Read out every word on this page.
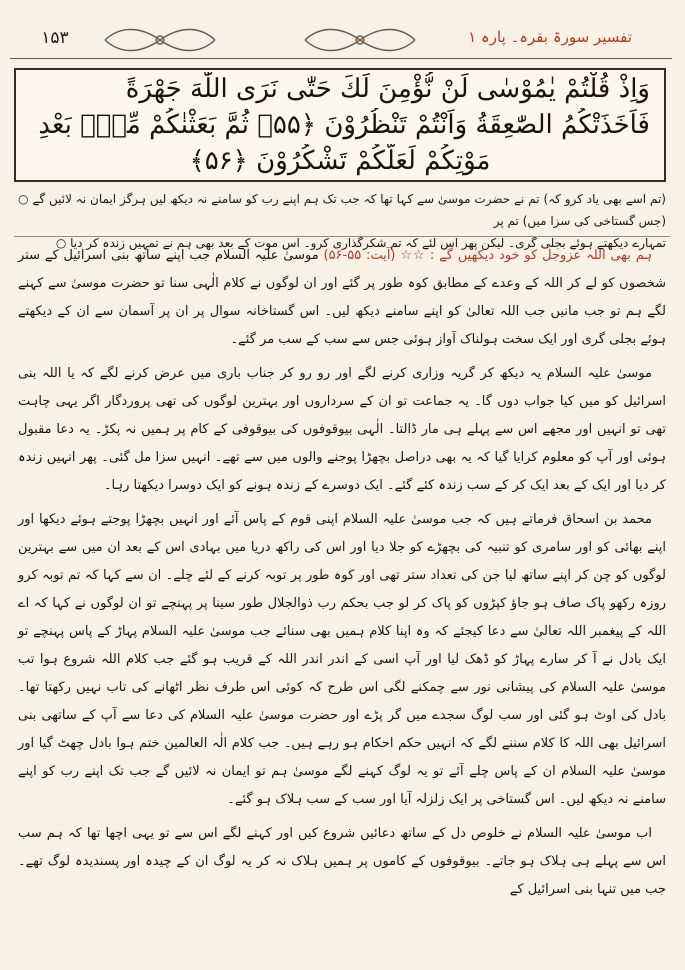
۱۵۳	تفسیر سورۃ بقرہ۔ پارہ ۱
وَاِذْ قُلْتُمْ يٰمُوْسٰى لَنْ نُّؤْمِنَ لَكَ حَتّٰى نَرَى اللّٰهَ جَهْرَةً
فَاَخَذَتْكُمُ الصّٰعِقَةُ وَاَنْتُمْ تَنْظُرُوْنَ ﴿۵۵﴾ ثُمَّ بَعَثْنٰكُمْ مِّنْۢ بَعْدِ
مَوْتِكُمْ لَعَلَّكُمْ تَشْكُرُوْنَ ﴿۵۶﴾

(تم اسے بھی یاد کرو کہ) تم نے حضرت موسیٰ سے کہا تھا کہ جب تک ہم اپنے رب کو سامنے نہ دیکھ لیں ہرگز ایمان نہ لائیں گے ○ (جس گستاخی کی سزا میں) تم پر

تمہارے دیکھتے ہوئے بجلی گری۔ لیکن پھر اس لئے کہ تم شکرگذاری کرو۔ اس موت کے بعد بھی ہم نے تمہیں زندہ کر دیا ○

ہم بھی اللہ عزوجل کو خود دیکھیں گے : ☆☆ (آیت: ۵۵-۵۶) موسیٰ علیہ السلام جب اپنے ساتھ بنی اسرائیل کے ستر شخصوں کو لے کر اللہ کے وعدے کے مطابق کوہ طور پر گئے اور ان لوگوں نے کلام الٰہی سنا تو حضرت موسیٰ سے کہنے لگے ہم تو جب مانیں جب اللہ تعالیٰ کو اپنے سامنے دیکھ لیں۔ اس گستاخانہ سوال پر ان پر آسمان سے ان کے دیکھتے ہوئے بجلی گری اور ایک سخت ہولناک آواز ہوئی جس سے سب کے سب مر گئے۔

موسیٰ علیہ السلام یہ دیکھ کر گریہ وزاری کرنے لگے اور رو رو کر جناب باری میں عرض کرنے لگے کہ یا اللہ بنی اسرائیل کو میں کیا جواب دوں گا۔ یہ جماعت تو ان کے سرداروں اور بہترین لوگوں کی تھی پروردگار اگر یہی چاہت تھی تو انہیں اور مجھے اس سے پہلے ہی مار ڈالتا۔ الٰہی بیوقوفوں کی بیوقوفی کے کام پر ہمیں نہ پکڑ۔ یہ دعا مقبول ہوئی اور آپ کو معلوم کرایا گیا کہ یہ بھی دراصل بچھڑا پوجنے والوں میں سے تھے۔ انہیں سزا مل گئی۔ پھر انہیں زندہ کر دیا اور ایک کے بعد ایک کر کے سب زندہ کئے گئے۔ ایک دوسرے کے زندہ ہونے کو ایک دوسرا دیکھتا رہا۔

محمد بن اسحاق فرماتے ہیں کہ جب موسیٰ علیہ السلام اپنی قوم کے پاس آئے اور انہیں بچھڑا پوجتے ہوئے دیکھا اور اپنے بھائی کو اور سامری کو تنبیہ کی بچھڑے کو جلا دیا اور اس کی راکھ دریا میں بہادی اس کے بعد ان میں سے بہترین لوگوں کو چن کر اپنے ساتھ لیا جن کی تعداد ستر تھی اور کوہ طور پر توبہ کرنے کے لئے چلے۔ ان سے کہا کہ تم توبہ کرو روزہ رکھو پاک صاف ہو جاؤ کپڑوں کو پاک کر لو جب بحکم رب ذوالجلال طور سینا پر پہنچے تو ان لوگوں نے کہا کہ اے اللہ کے پیغمبر اللہ تعالیٰ سے دعا کیجئے کہ وہ اپنا کلام ہمیں بھی سنائے جب موسیٰ علیہ السلام پہاڑ کے پاس پہنچے تو ایک بادل نے آ کر سارے پہاڑ کو ڈھک لیا اور آپ اسی کے اندر اندر اللہ کے قریب ہو گئے جب کلام اللہ شروع ہوا تب موسیٰ علیہ السلام کی پیشانی نور سے چمکنے لگی اس طرح کہ کوئی اس طرف نظر اٹھانے کی تاب نہیں رکھتا تھا۔ بادل کی اوٹ ہو گئی اور سب لوگ سجدے میں گر پڑے اور حضرت موسیٰ علیہ السلام کی دعا سے آپ کے ساتھی بنی اسرائیل بھی اللہ کا کلام سننے لگے کہ انہیں حکم احکام ہو رہے ہیں۔ جب کلام الٰہ العالمین ختم ہوا بادل چھٹ گیا اور موسیٰ علیہ السلام ان کے پاس چلے آئے تو یہ لوگ کہنے لگے موسیٰ ہم تو ایمان نہ لائیں گے جب تک اپنے رب کو اپنے سامنے نہ دیکھ لیں۔ اس گستاخی پر ایک زلزلہ آیا اور سب کے سب ہلاک ہو گئے۔

اب موسیٰ علیہ السلام نے خلوص دل کے ساتھ دعائیں شروع کیں اور کہنے لگے اس سے تو یہی اچھا تھا کہ ہم سب اس سے پہلے ہی ہلاک ہو جاتے۔ بیوقوفوں کے کاموں پر ہمیں ہلاک نہ کر یہ لوگ ان کے چیدہ اور پسندیدہ لوگ تھے۔ جب میں تنہا بنی اسرائیل کے
